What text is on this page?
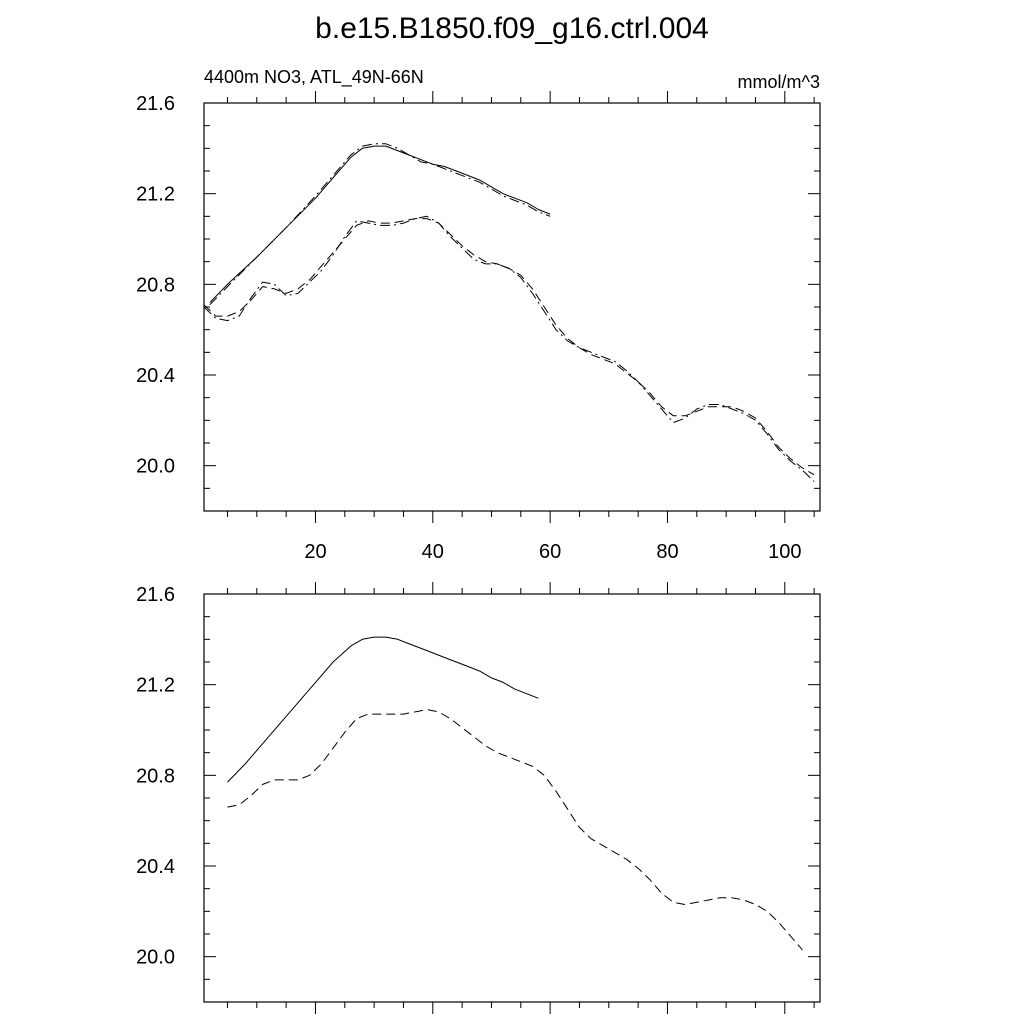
b.e15.B1850.f09_g16.ctrl.004
20.0
20.4
20.8
21.2
21.6
20	40	60	80	100
4400m NO3, ATL_49N-66N	mmol/m^3
20.0
20.4
20.8
21.2
21.6
